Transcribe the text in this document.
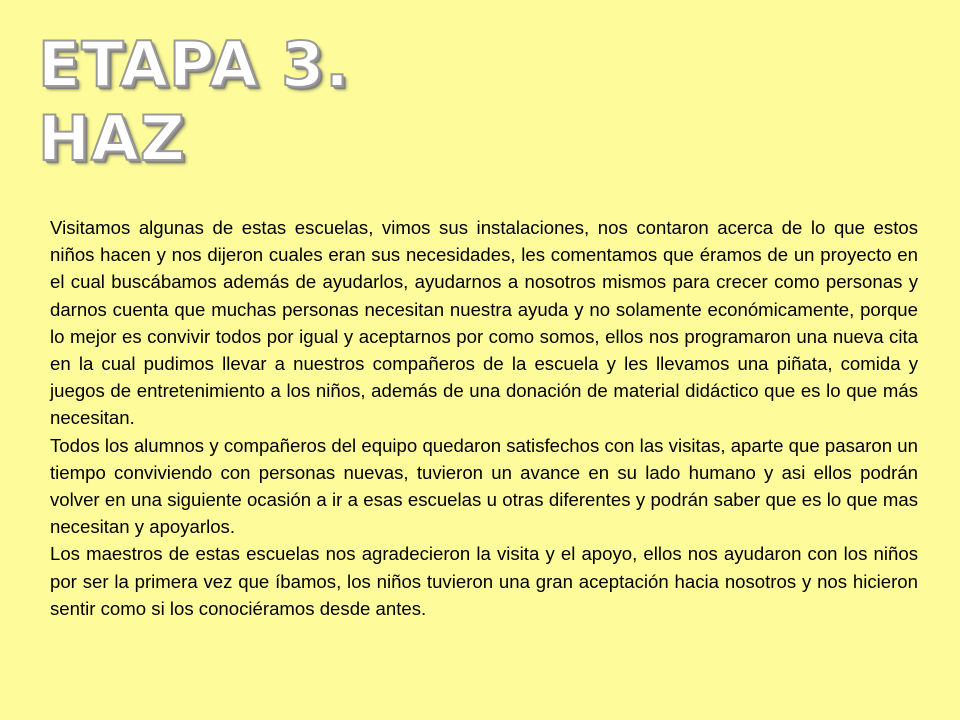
ETAPA 3.
HAZ

Visitamos algunas de estas escuelas, vimos sus instalaciones, nos contaron acerca de lo que estos niños hacen y nos dijeron cuales eran sus necesidades, les comentamos que éramos de un proyecto en el cual buscábamos además de ayudarlos, ayudarnos a nosotros mismos para crecer como personas y darnos cuenta que muchas personas necesitan nuestra ayuda y no solamente económicamente, porque lo mejor es convivir todos por igual y aceptarnos por como somos, ellos nos programaron una nueva cita en la cual pudimos llevar a nuestros compañeros de la escuela y les llevamos una piñata, comida y juegos de entretenimiento a los niños, además de una donación de material didáctico que es lo que más necesitan.

Todos los alumnos y compañeros del equipo quedaron satisfechos con las visitas, aparte que pasaron un tiempo conviviendo con personas nuevas, tuvieron un avance en su lado humano y asi ellos podrán volver en una siguiente ocasión a ir a esas escuelas u otras diferentes y podrán saber que es lo que mas necesitan y apoyarlos.

Los maestros de estas escuelas nos agradecieron la visita y el apoyo, ellos nos ayudaron con los niños por ser la primera vez que íbamos, los niños tuvieron una gran aceptación hacia nosotros y nos hicieron sentir como si los conociéramos desde antes.
